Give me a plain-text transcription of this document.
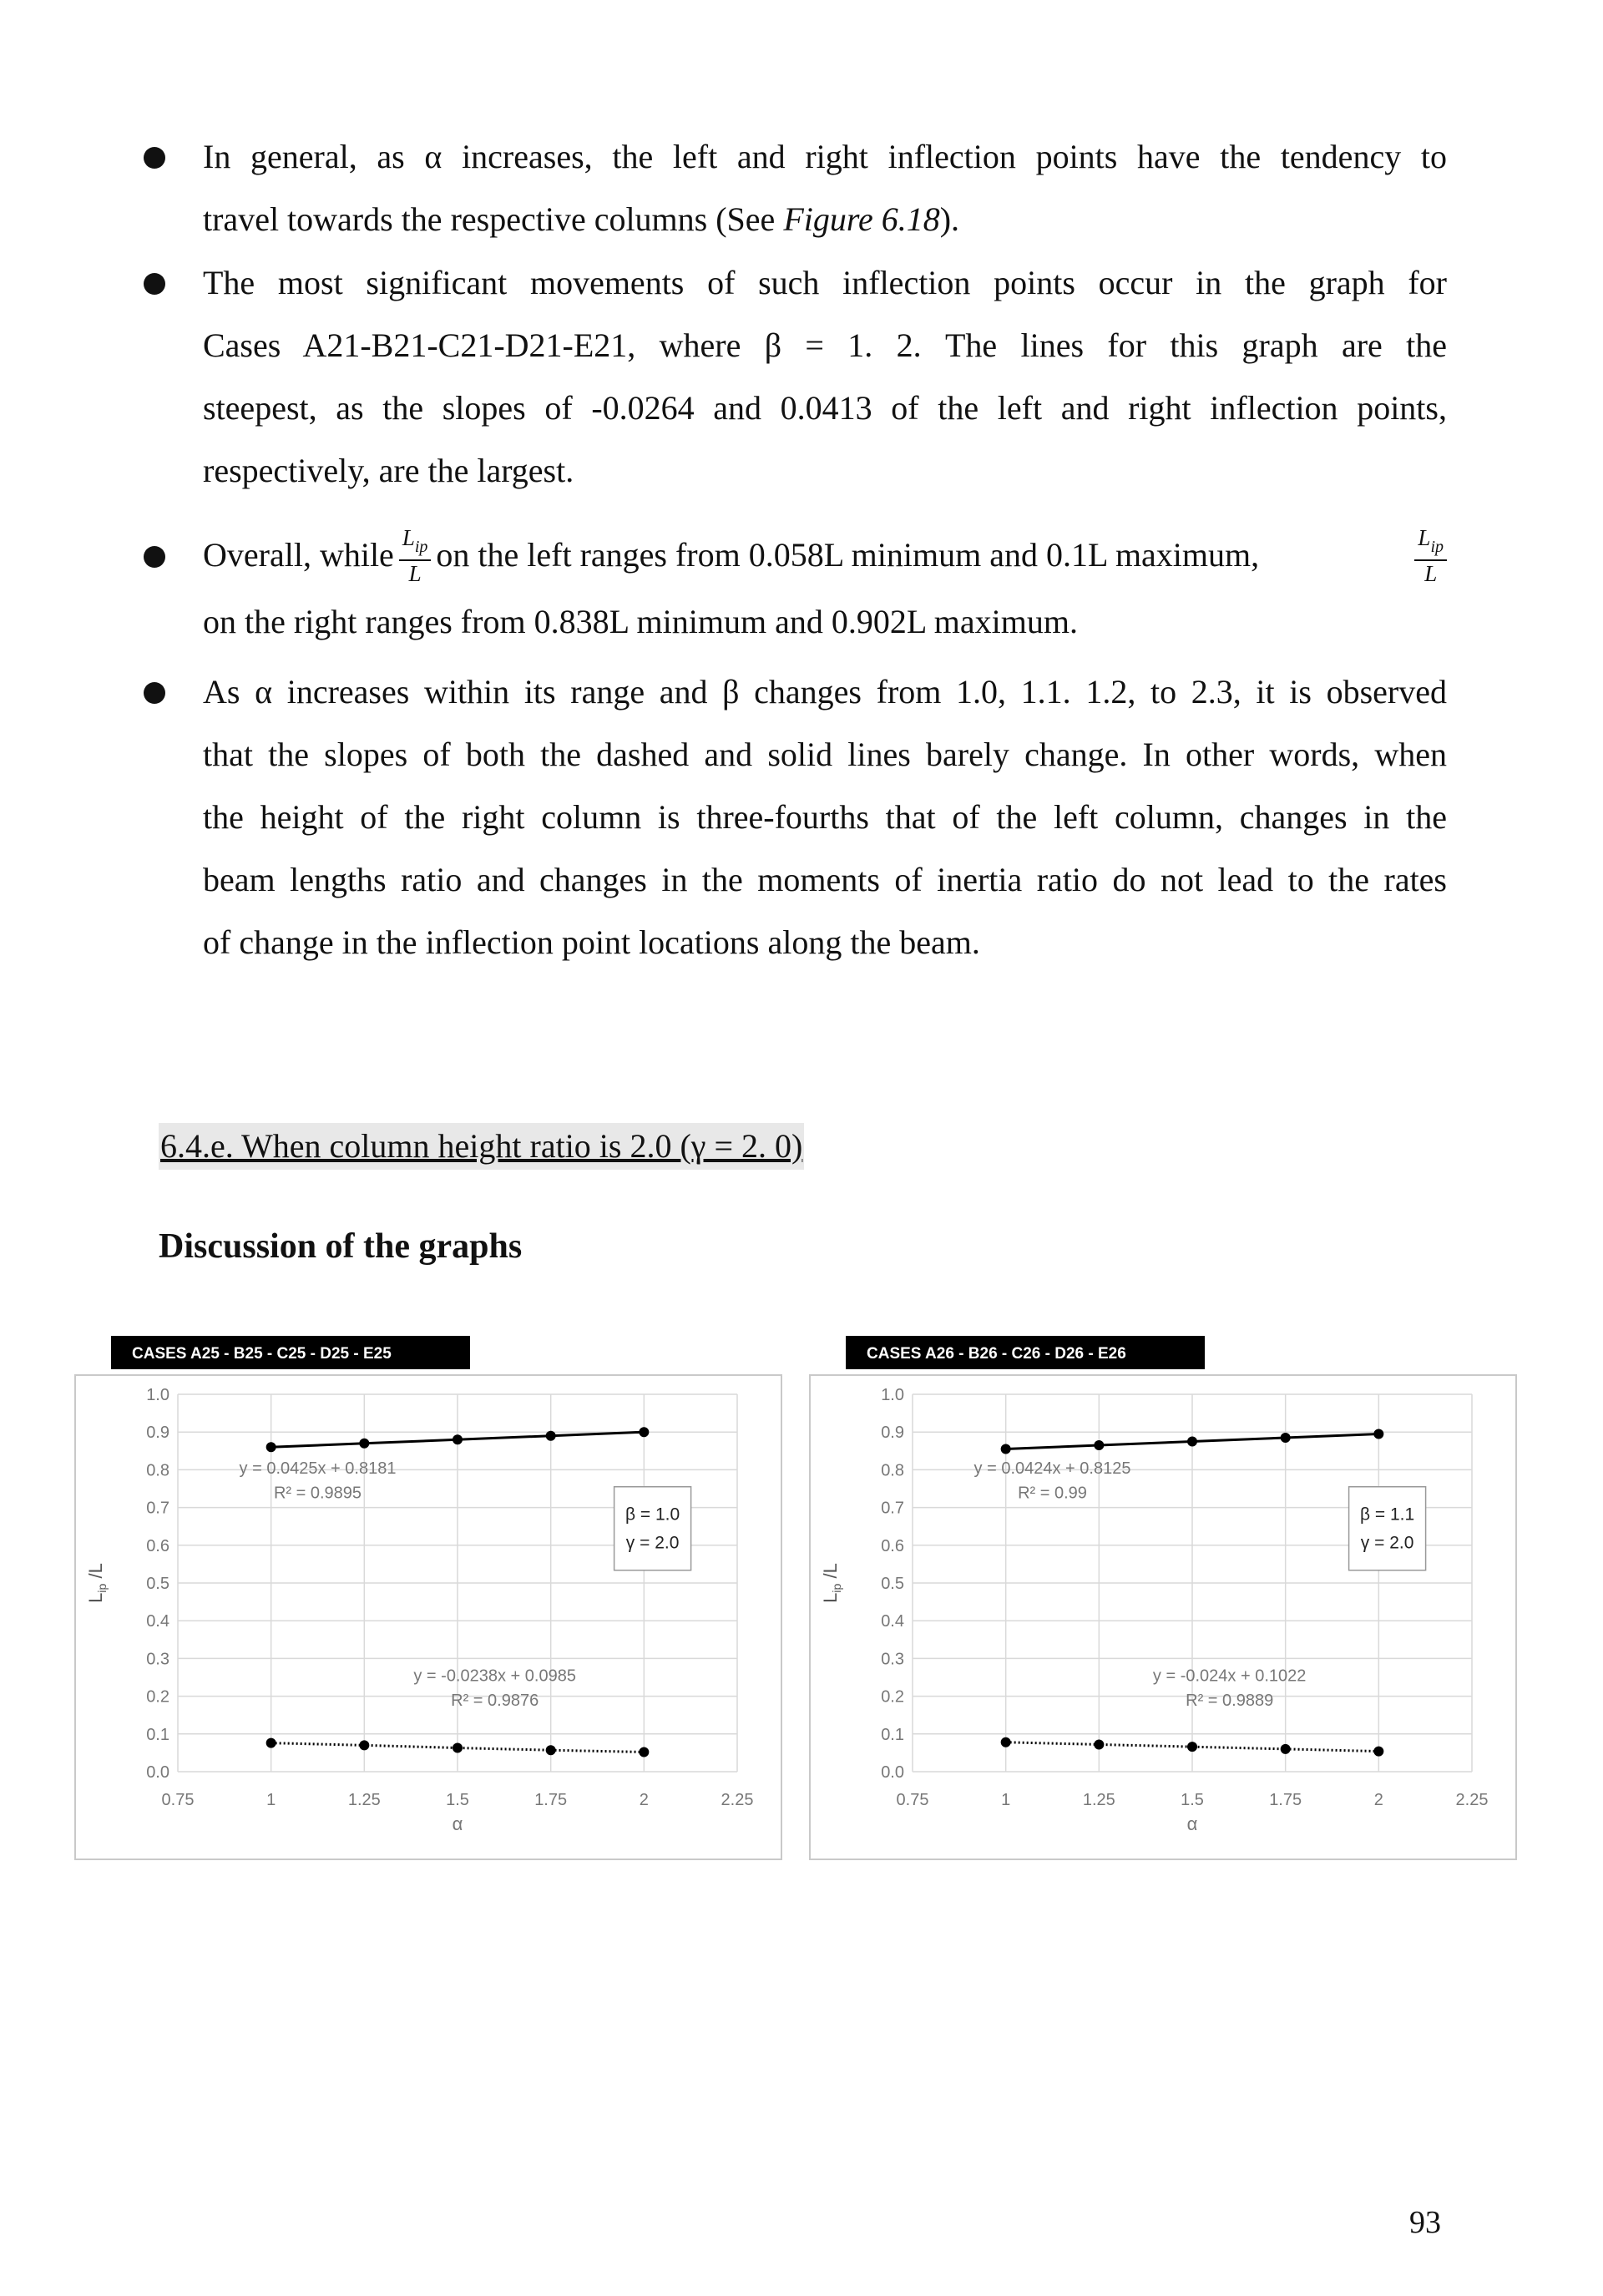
In general, as α increases, the left and right inflection points have the tendency to
travel towards the respective columns (See Figure 6.18).
The most significant movements of such inflection points occur in the graph for
Cases A21-B21-C21-D21-E21, where β = 1. 2. The lines for this graph are the
steepest, as the slopes of -0.0264 and 0.0413 of the left and right inflection points,
respectively, are the largest.
Overall, while $\frac{L_{ip}}{L}$ on the left ranges from 0.058L minimum and 0.1L maximum,	$\frac{L_{ip}}{L}$
on the right ranges from 0.838L minimum and 0.902L maximum.
As α increases within its range and β changes from 1.0, 1.1. 1.2, to 2.3, it is observed
that the slopes of both the dashed and solid lines barely change. In other words, when
the height of the right column is three-fourths that of the left column, changes in the
beam lengths ratio and changes in the moments of inertia ratio do not lead to the rates
of change in the inflection point locations along the beam.
6.4.e. When column height ratio is 2.0 (γ = 2. 0)
Discussion of the graphs
CASES A25 - B25 - C25 - D25 - E25
0.0
0.1
0.2
0.3
0.4
0.5
0.6
0.7
0.8
0.9
1.0
0.75	1	1.25	1.5	1.75	2	2.25
α
$L_{ip}$ /L
y = 0.0425x + 0.8181
R² = 0.9895
y = -0.0238x + 0.0985
R² = 0.9876
β = 1.0
γ = 2.0
CASES A26 - B26 - C26 - D26 - E26
0.0
0.1
0.2
0.3
0.4
0.5
0.6
0.7
0.8
0.9
1.0
0.75	1	1.25	1.5	1.75	2	2.25
α
$L_{ip}$ /L
y = 0.0424x + 0.8125
R² = 0.99
y = -0.024x + 0.1022
R² = 0.9889
β = 1.1
γ = 2.0
93
